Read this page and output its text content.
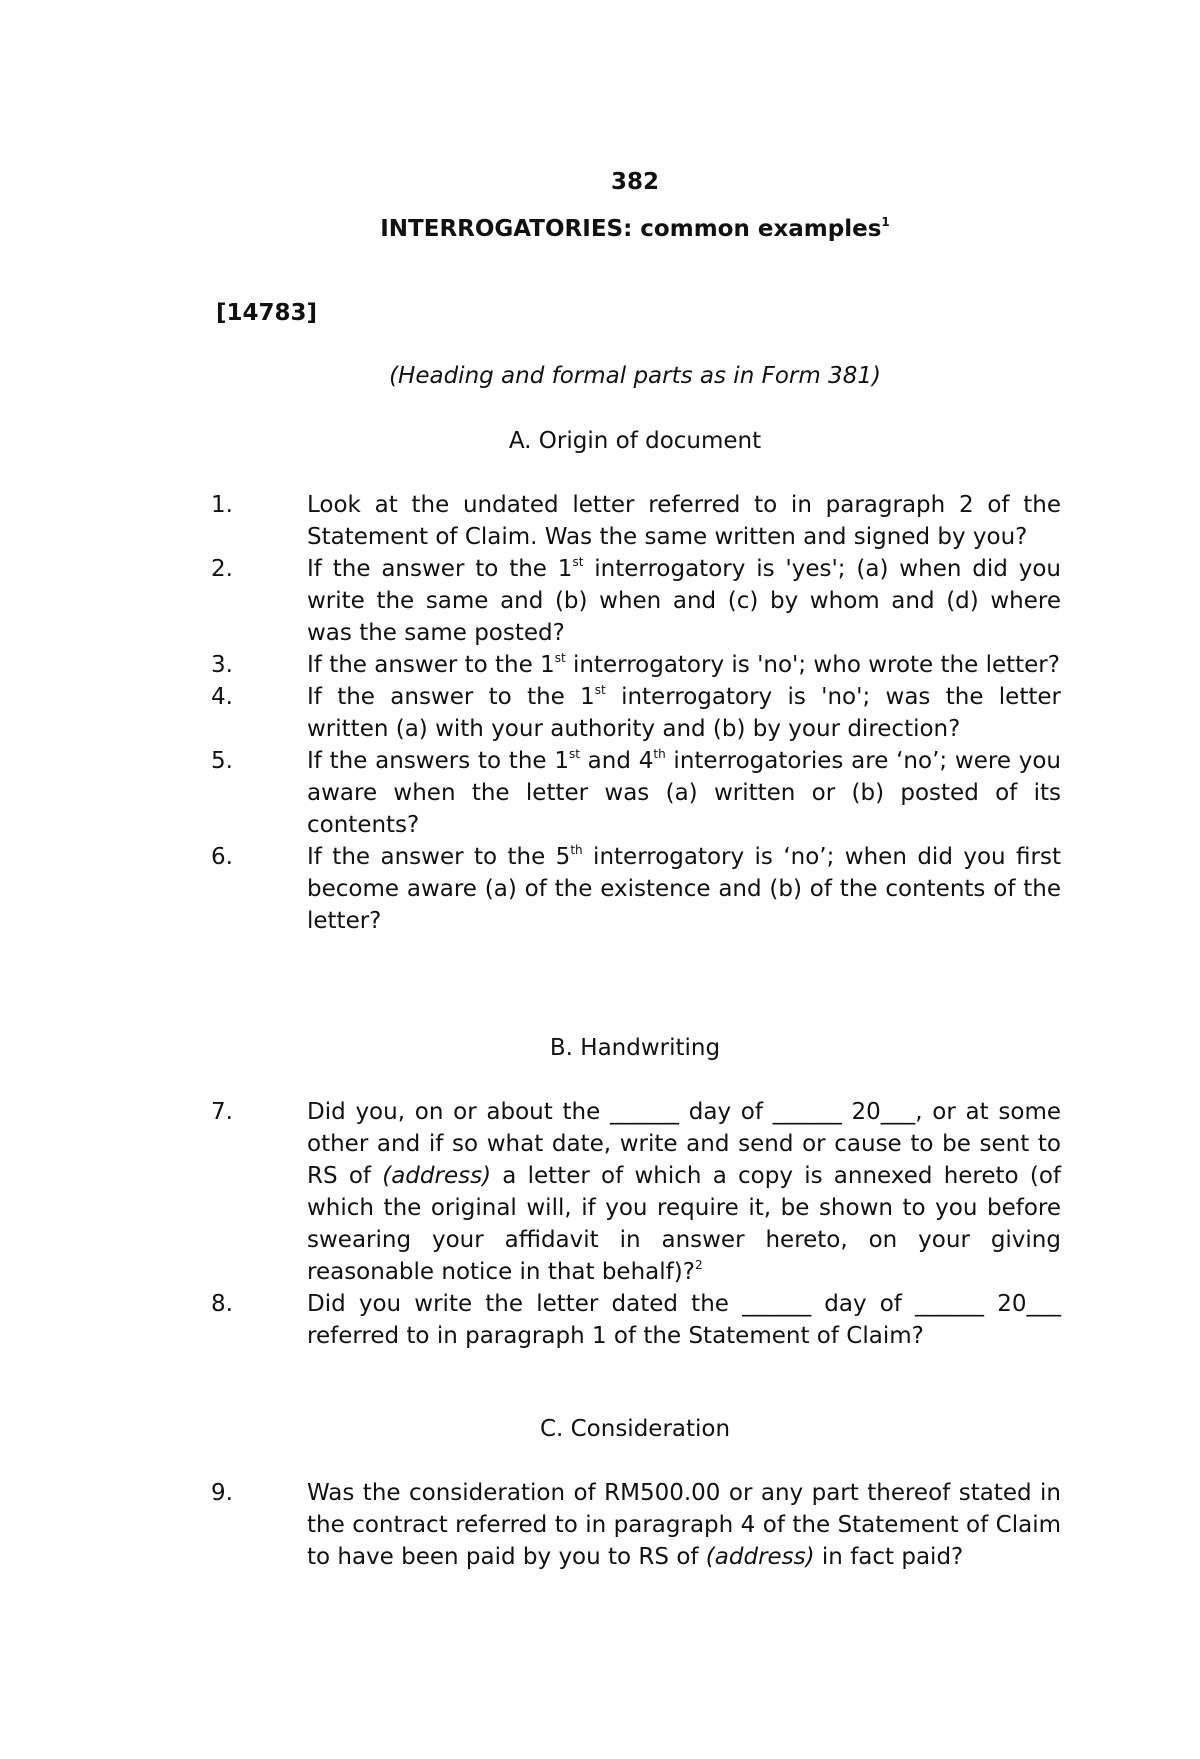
382
INTERROGATORIES: common examples$^1$
[14783]
(Heading and formal parts as in Form 381)
A. Origin of document
1.	Look at the undated letter referred to in paragraph 2 of the Statement of Claim. Was the same written and signed by you?
2.	If the answer to the 1st interrogatory is 'yes'; (a) when did you write the same and (b) when and (c) by whom and (d) where was the same posted?
3.	If the answer to the 1st interrogatory is 'no'; who wrote the letter?
4.	If the answer to the 1st interrogatory is 'no'; was the letter written (a) with your authority and (b) by your direction?
5.	If the answers to the 1st and 4th interrogatories are ‘no’; were you aware when the letter was (a) written or (b) posted of its contents?
6.	If the answer to the 5th interrogatory is ‘no’; when did you first become aware (a) of the existence and (b) of the contents of the letter?
B. Handwriting
7.	Did you, on or about the ______ day of ______ 20___, or at some other and if so what date, write and send or cause to be sent to RS of (address) a letter of which a copy is annexed hereto (of which the original will, if you require it, be shown to you before swearing your affidavit in answer hereto, on your giving reasonable notice in that behalf)?$^2$
8.	Did you write the letter dated the ______ day of ______ 20___ referred to in paragraph 1 of the Statement of Claim?
C. Consideration
9.	Was the consideration of RM500.00 or any part thereof stated in the contract referred to in paragraph 4 of the Statement of Claim to have been paid by you to RS of (address) in fact paid?
